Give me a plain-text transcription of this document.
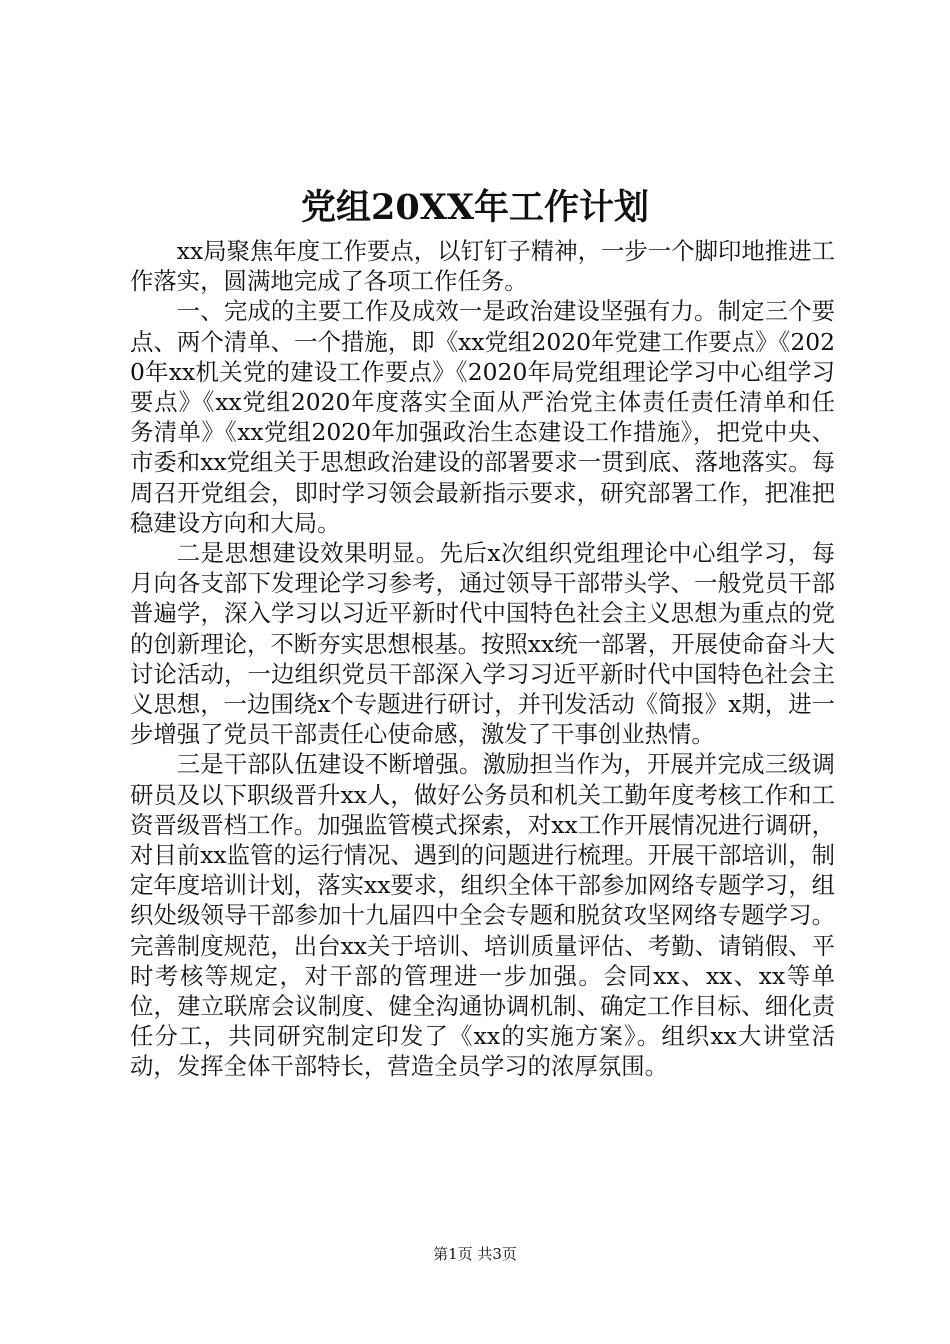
党组20XX年工作计划

xx局聚焦年度工作要点，以钉钉子精神，一步一个脚印地推进工作落实，圆满地完成了各项工作任务。

一、完成的主要工作及成效一是政治建设坚强有力。制定三个要点、两个清单、一个措施，即《xx党组2020年党建工作要点》《2020年xx机关党的建设工作要点》《2020年局党组理论学习中心组学习要点》《xx党组2020年度落实全面从严治党主体责任责任清单和任务清单》《xx党组2020年加强政治生态建设工作措施》，把党中央、市委和xx党组关于思想政治建设的部署要求一贯到底、落地落实。每周召开党组会，即时学习领会最新指示要求，研究部署工作，把准把稳建设方向和大局。

二是思想建设效果明显。先后x次组织党组理论中心组学习，每月向各支部下发理论学习参考，通过领导干部带头学、一般党员干部普遍学，深入学习以习近平新时代中国特色社会主义思想为重点的党的创新理论，不断夯实思想根基。按照xx统一部署，开展使命奋斗大讨论活动，一边组织党员干部深入学习习近平新时代中国特色社会主义思想，一边围绕x个专题进行研讨，并刊发活动《简报》x期，进一步增强了党员干部责任心使命感，激发了干事创业热情。

三是干部队伍建设不断增强。激励担当作为，开展并完成三级调研员及以下职级晋升xx人，做好公务员和机关工勤年度考核工作和工资晋级晋档工作。加强监管模式探索，对xx工作开展情况进行调研，对目前xx监管的运行情况、遇到的问题进行梳理。开展干部培训，制定年度培训计划，落实xx要求，组织全体干部参加网络专题学习，组织处级领导干部参加十九届四中全会专题和脱贫攻坚网络专题学习。完善制度规范，出台xx关于培训、培训质量评估、考勤、请销假、平时考核等规定，对干部的管理进一步加强。会同xx、xx、xx等单位，建立联席会议制度、健全沟通协调机制、确定工作目标、细化责任分工，共同研究制定印发了《xx的实施方案》。组织xx大讲堂活动，发挥全体干部特长，营造全员学习的浓厚氛围。

第1页 共3页
